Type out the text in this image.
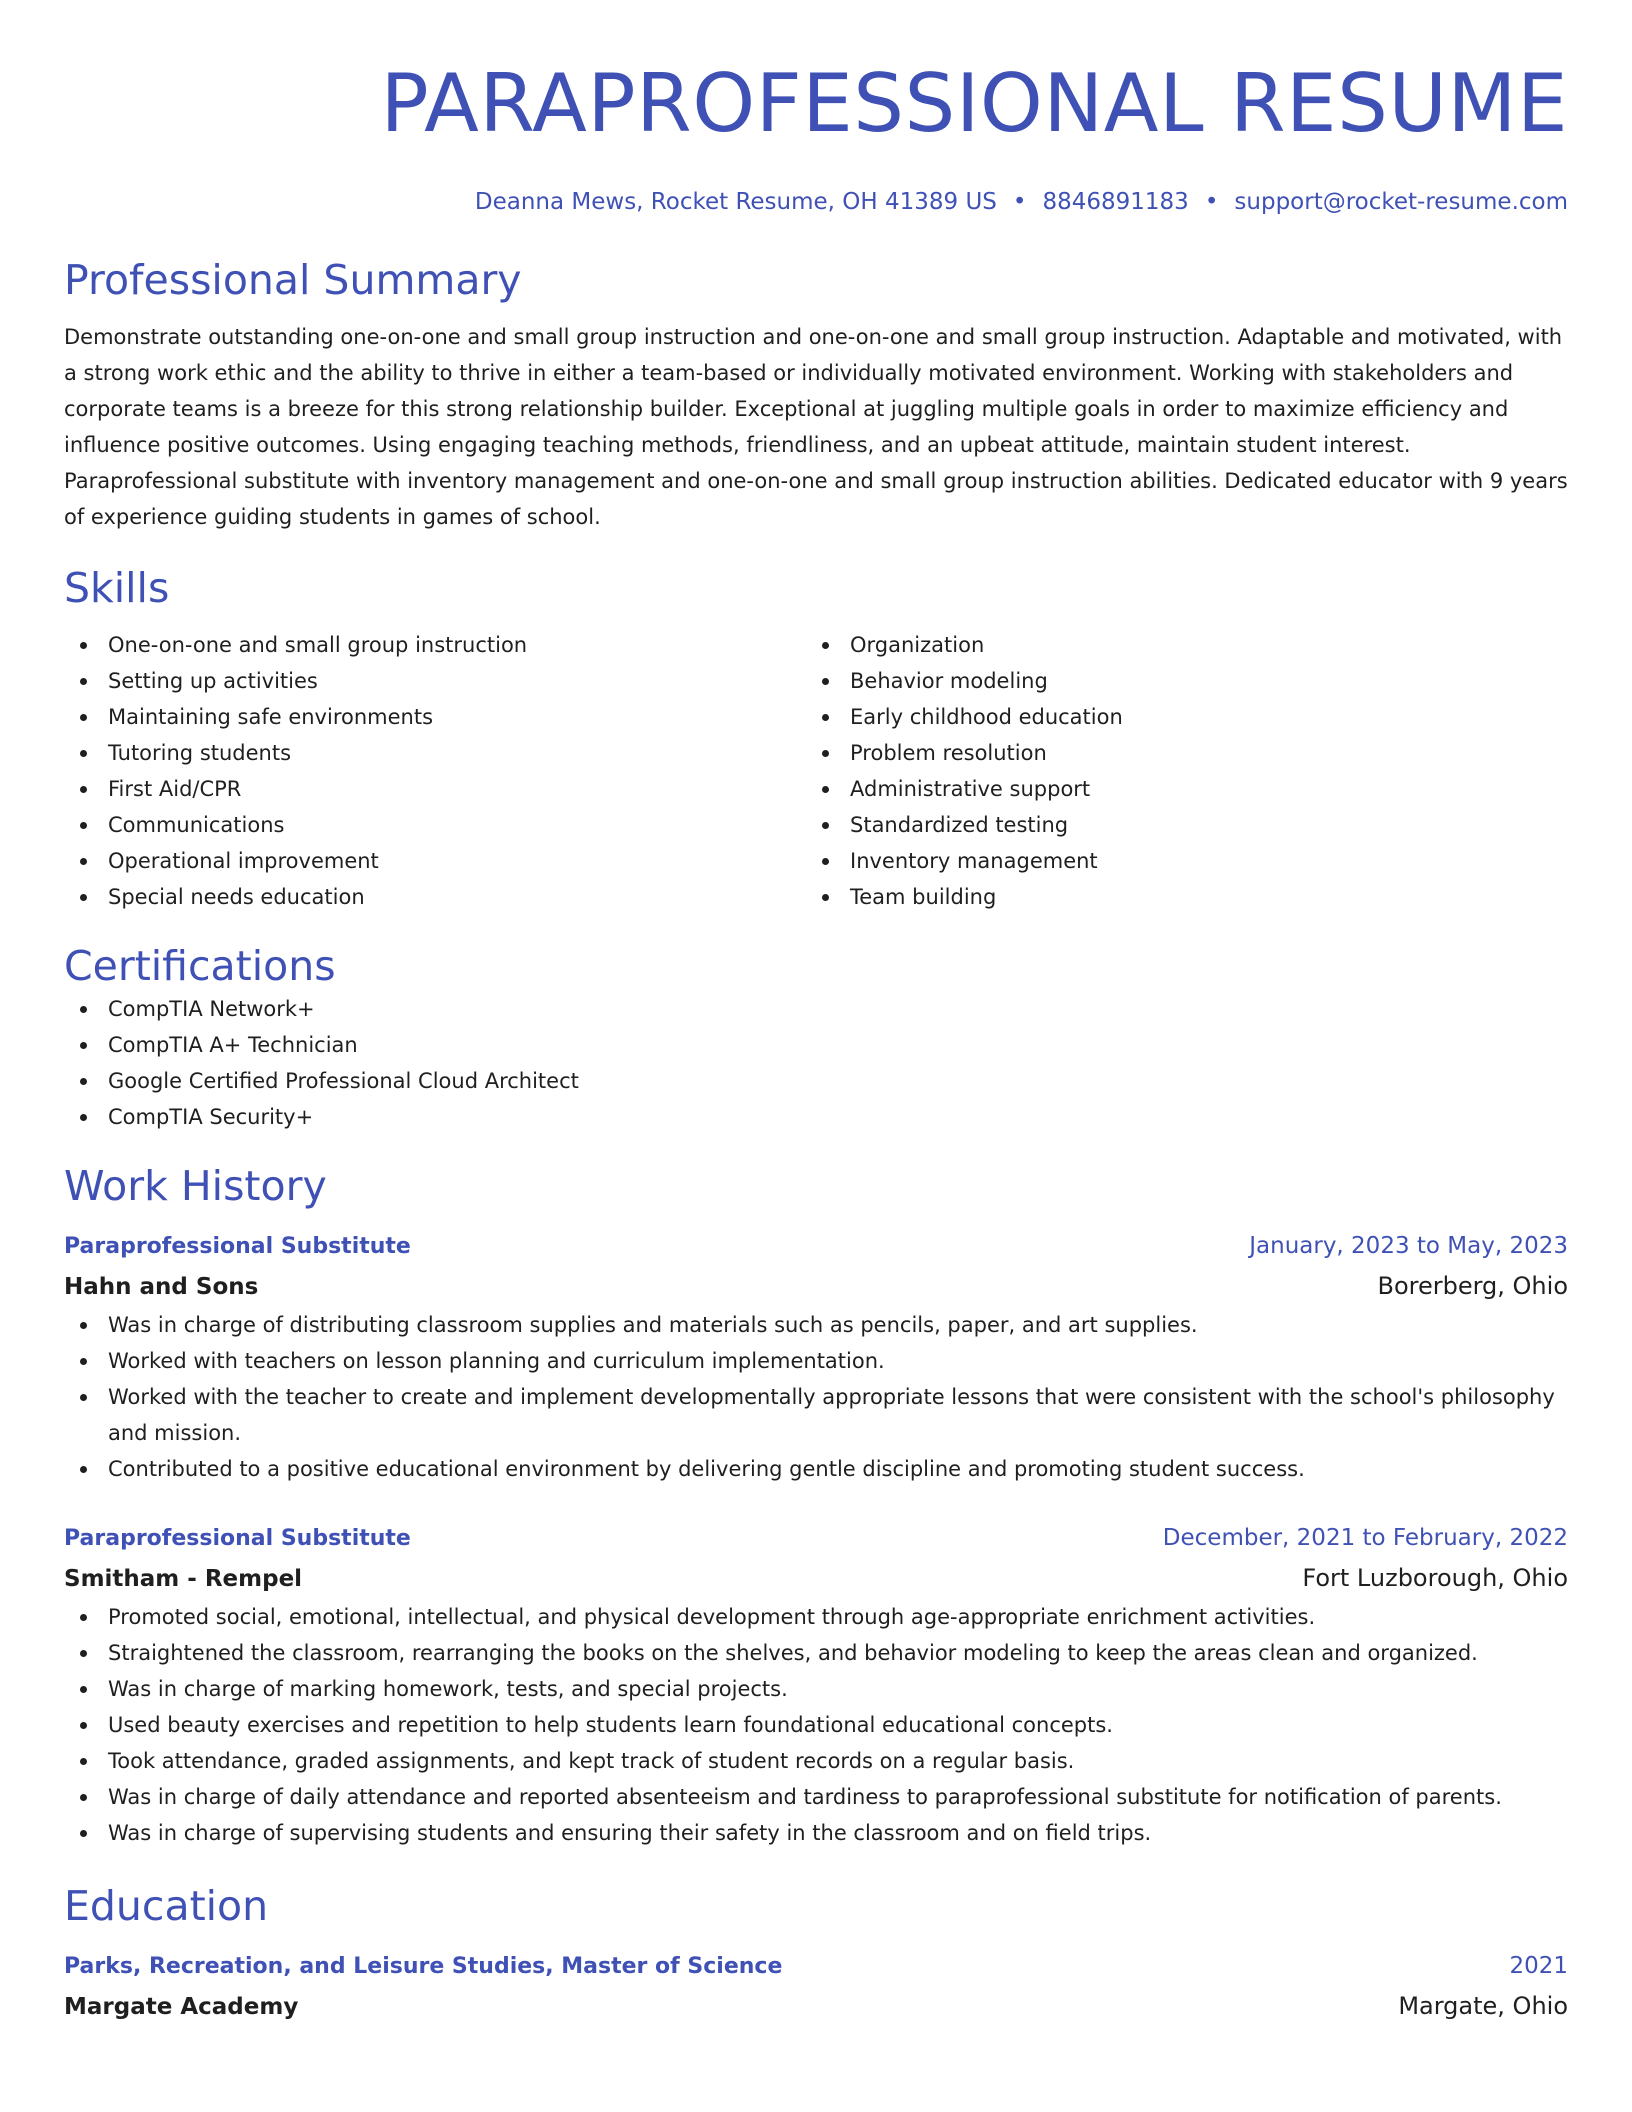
PARAPROFESSIONAL RESUME
Deanna Mews, Rocket Resume, OH 41389 US • 8846891183 • support@rocket-resume.com
Professional Summary

Demonstrate outstanding one-on-one and small group instruction and one-on-one and small group instruction. Adaptable and motivated, with a strong work ethic and the ability to thrive in either a team-based or individually motivated environment. Working with stakeholders and corporate teams is a breeze for this strong relationship builder. Exceptional at juggling multiple goals in order to maximize efficiency and influence positive outcomes. Using engaging teaching methods, friendliness, and an upbeat attitude, maintain student interest. Paraprofessional substitute with inventory management and one-on-one and small group instruction abilities. Dedicated educator with 9 years of experience guiding students in games of school.

Skills
One-on-one and small group instruction
Setting up activities
Maintaining safe environments
Tutoring students
First Aid/CPR
Communications
Operational improvement
Special needs education
Organization
Behavior modeling
Early childhood education
Problem resolution
Administrative support
Standardized testing
Inventory management
Team building
Certifications
CompTIA Network+
CompTIA A+ Technician
Google Certified Professional Cloud Architect
CompTIA Security+
Work History
Paraprofessional Substitute	January, 2023 to May, 2023
Hahn and Sons	Borerberg, Ohio
Was in charge of distributing classroom supplies and materials such as pencils, paper, and art supplies.
Worked with teachers on lesson planning and curriculum implementation.
Worked with the teacher to create and implement developmentally appropriate lessons that were consistent with the school's philosophy and mission.
Contributed to a positive educational environment by delivering gentle discipline and promoting student success.
Paraprofessional Substitute	December, 2021 to February, 2022
Smitham - Rempel	Fort Luzborough, Ohio
Promoted social, emotional, intellectual, and physical development through age-appropriate enrichment activities.
Straightened the classroom, rearranging the books on the shelves, and behavior modeling to keep the areas clean and organized.
Was in charge of marking homework, tests, and special projects.
Used beauty exercises and repetition to help students learn foundational educational concepts.
Took attendance, graded assignments, and kept track of student records on a regular basis.
Was in charge of daily attendance and reported absenteeism and tardiness to paraprofessional substitute for notification of parents.
Was in charge of supervising students and ensuring their safety in the classroom and on field trips.
Education
Parks, Recreation, and Leisure Studies, Master of Science	2021
Margate Academy	Margate, Ohio
